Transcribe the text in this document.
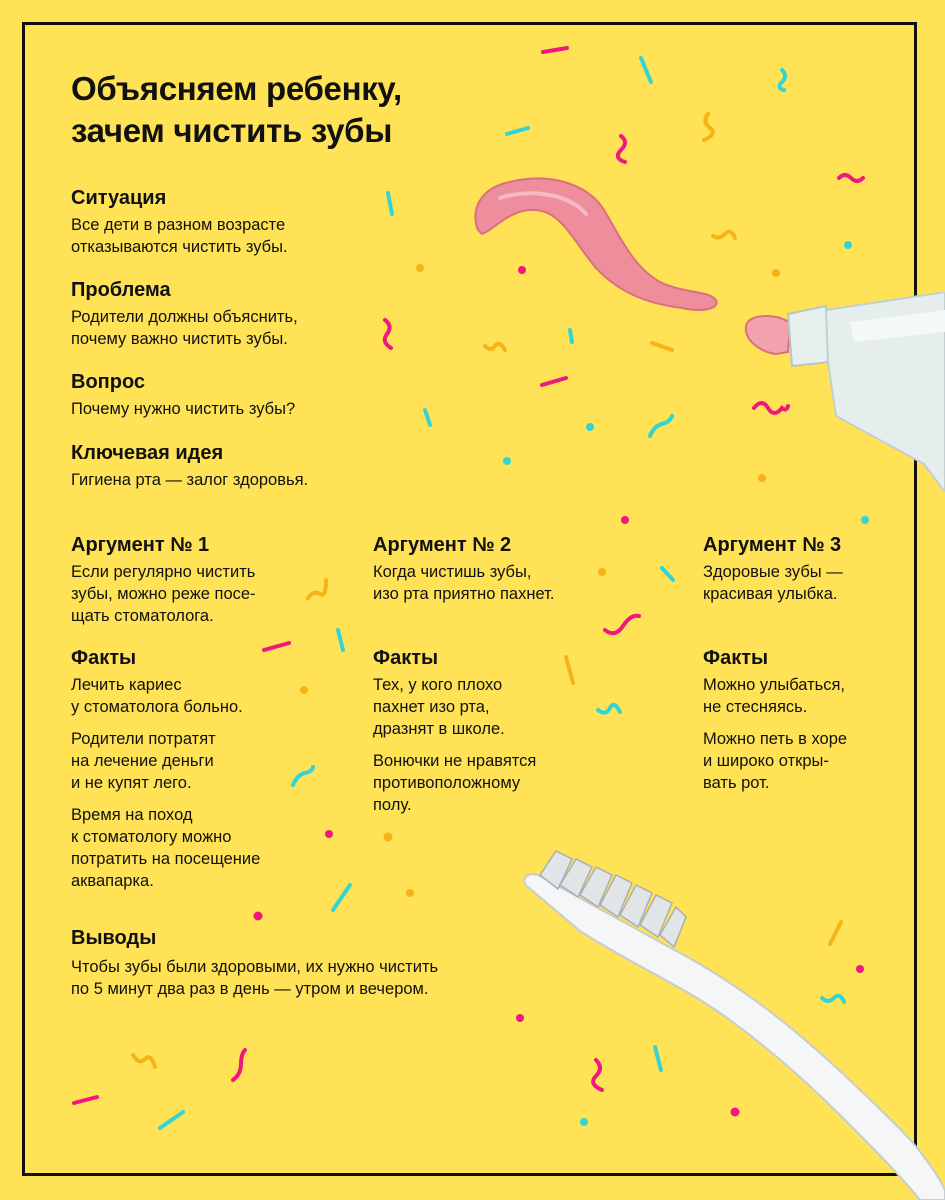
Объясняем ребенку,
зачем чистить зубы
Ситуация
Все дети в разном возрасте
отказываются чистить зубы.
Проблема
Родители должны объяснить,
почему важно чистить зубы.
Вопрос
Почему нужно чистить зубы?
Ключевая идея
Гигиена рта — залог здоровья.
Аргумент № 1
Если регулярно чистить
зубы, можно реже посе-
щать стоматолога.
Факты
Лечить кариес
у стоматолога больно.
Родители потратят
на лечение деньги
и не купят лего.
Время на поход
к стоматологу можно
потратить на посещение
аквапарка.
Аргумент № 2
Когда чистишь зубы,
изо рта приятно пахнет.
Факты
Тех, у кого плохо
пахнет изо рта,
дразнят в школе.
Вонючки не нравятся
противоположному
полу.
Аргумент № 3
Здоровые зубы —
красивая улыбка.
Факты
Можно улыбаться,
не стесняясь.
Можно петь в хоре
и широко откры-
вать рот.
Выводы
Чтобы зубы были здоровыми, их нужно чистить
по 5 минут два раз в день — утром и вечером.
